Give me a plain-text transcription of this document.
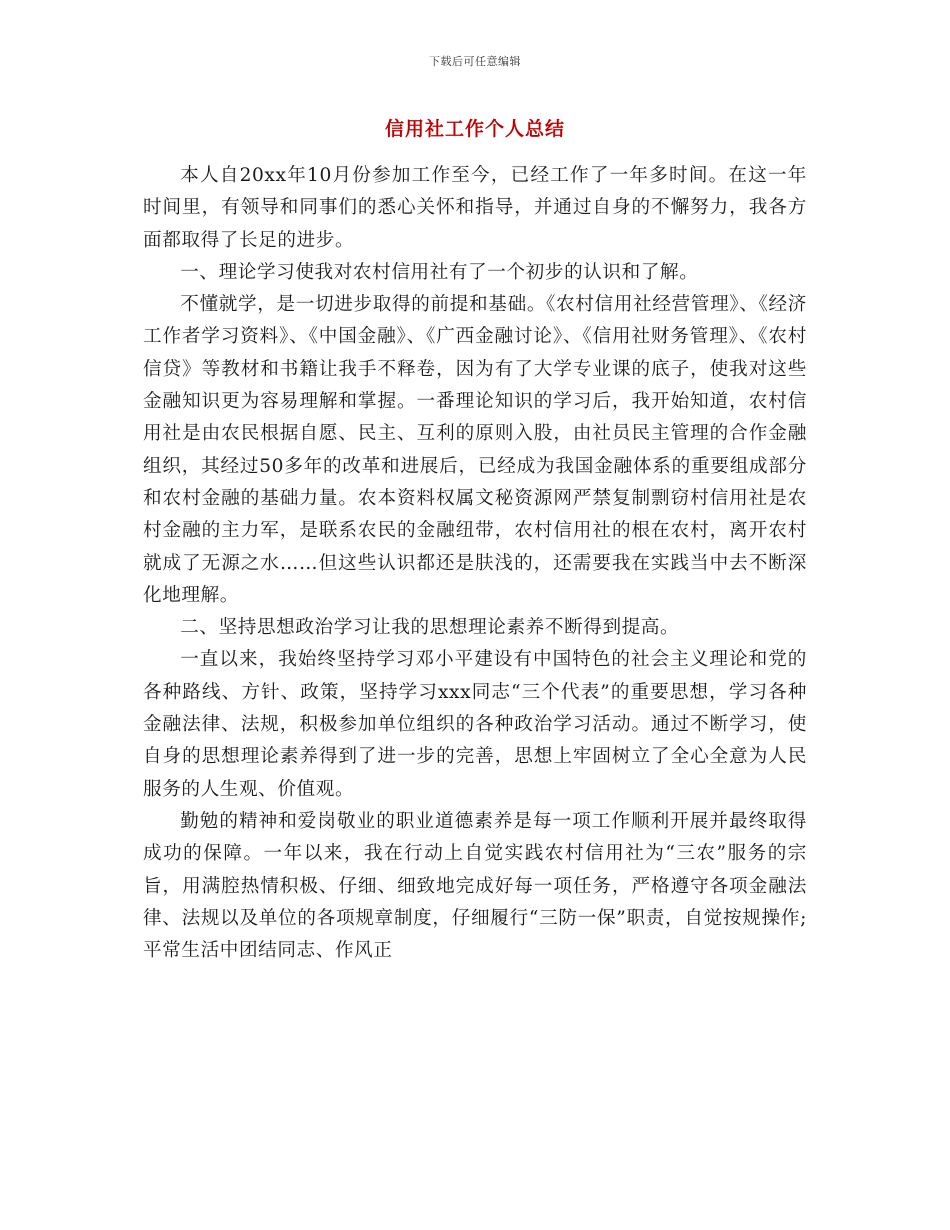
下载后可任意编辑
信用社工作个人总结

本人自20xx年10月份参加工作至今，已经工作了一年多时间。在这一年时间里，有领导和同事们的悉心关怀和指导，并通过自身的不懈努力，我各方面都取得了长足的进步。

一、理论学习使我对农村信用社有了一个初步的认识和了解。

不懂就学，是一切进步取得的前提和基础。《农村信用社经营管理》、《经济工作者学习资料》、《中国金融》、《广西金融讨论》、《信用社财务管理》、《农村信贷》等教材和书籍让我手不释卷，因为有了大学专业课的底子，使我对这些金融知识更为容易理解和掌握。一番理论知识的学习后，我开始知道，农村信用社是由农民根据自愿、民主、互利的原则入股，由社员民主管理的合作金融组织，其经过50多年的改革和进展后，已经成为我国金融体系的重要组成部分和农村金融的基础力量。农本资料权属文秘资源网严禁复制剽窃村信用社是农村金融的主力军，是联系农民的金融纽带，农村信用社的根在农村，离开农村就成了无源之水……但这些认识都还是肤浅的，还需要我在实践当中去不断深化地理解。

二、坚持思想政治学习让我的思想理论素养不断得到提高。

一直以来，我始终坚持学习邓小平建设有中国特色的社会主义理论和党的各种路线、方针、政策，坚持学习xxx同志“三个代表”的重要思想，学习各种金融法律、法规，积极参加单位组织的各种政治学习活动。通过不断学习，使自身的思想理论素养得到了进一步的完善，思想上牢固树立了全心全意为人民服务的人生观、价值观。

勤勉的精神和爱岗敬业的职业道德素养是每一项工作顺利开展并最终取得成功的保障。一年以来，我在行动上自觉实践农村信用社为“三农”服务的宗旨，用满腔热情积极、仔细、细致地完成好每一项任务，严格遵守各项金融法律、法规以及单位的各项规章制度，仔细履行“三防一保”职责，自觉按规操作;平常生活中团结同志、作风正
